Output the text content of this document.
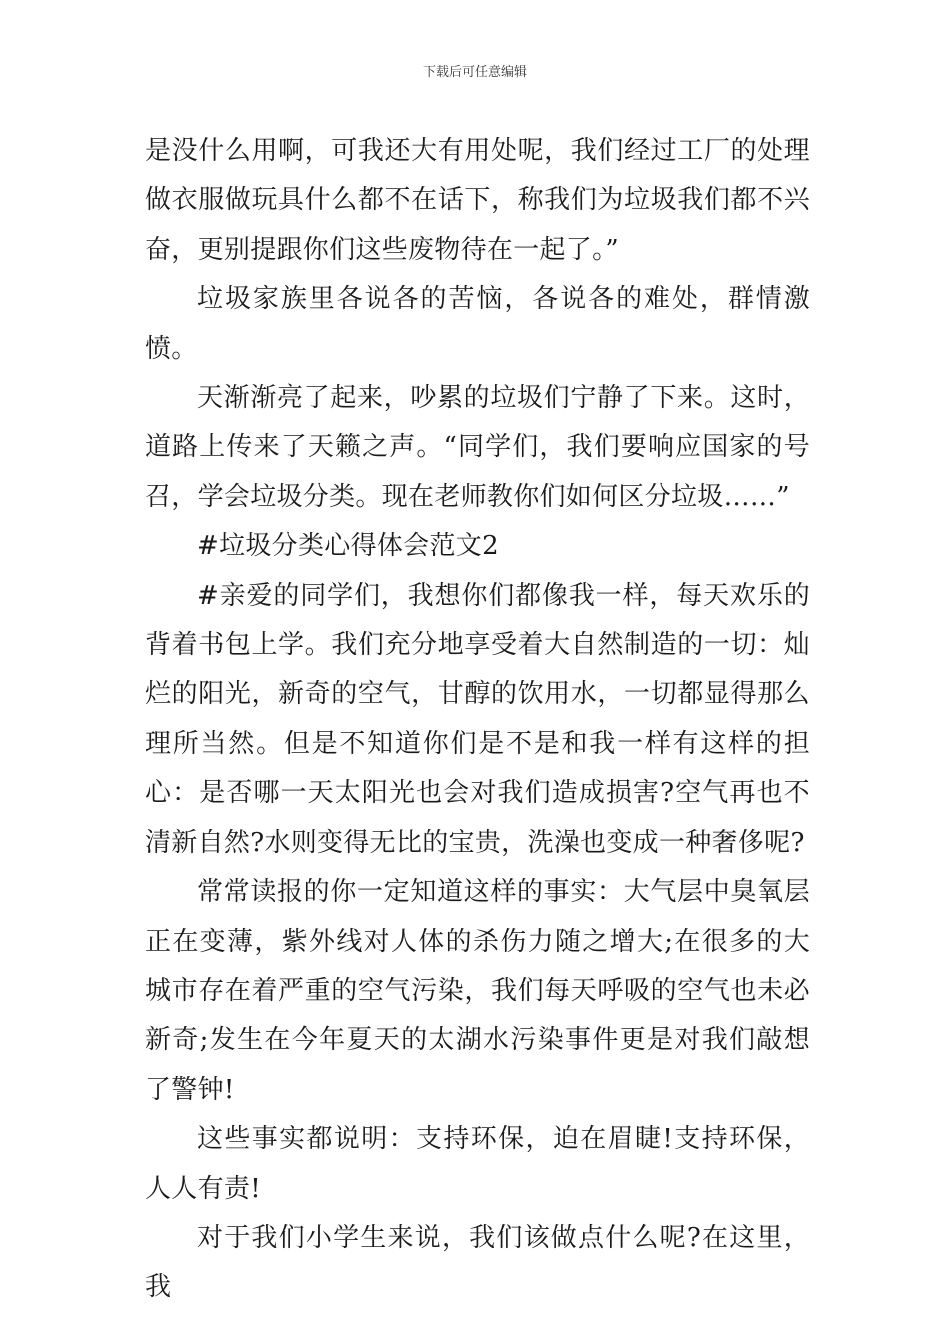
下载后可任意编辑

是没什么用啊，可我还大有用处呢，我们经过工厂的处理做衣服做玩具什么都不在话下，称我们为垃圾我们都不兴奋，更别提跟你们这些废物待在一起了。”

垃圾家族里各说各的苦恼，各说各的难处，群情激愤。

天渐渐亮了起来，吵累的垃圾们宁静了下来。这时，道路上传来了天籁之声。“同学们，我们要响应国家的号召，学会垃圾分类。现在老师教你们如何区分垃圾……”

#垃圾分类心得体会范文2

#亲爱的同学们，我想你们都像我一样，每天欢乐的背着书包上学。我们充分地享受着大自然制造的一切：灿烂的阳光，新奇的空气，甘醇的饮用水，一切都显得那么理所当然。但是不知道你们是不是和我一样有这样的担心：是否哪一天太阳光也会对我们造成损害?空气再也不清新自然?水则变得无比的宝贵，洗澡也变成一种奢侈呢?

常常读报的你一定知道这样的事实：大气层中臭氧层正在变薄，紫外线对人体的杀伤力随之增大;在很多的大城市存在着严重的空气污染，我们每天呼吸的空气也未必新奇;发生在今年夏天的太湖水污染事件更是对我们敲想了警钟!

这些事实都说明：支持环保，迫在眉睫!支持环保，人人有责!

对于我们小学生来说，我们该做点什么呢?在这里，我
